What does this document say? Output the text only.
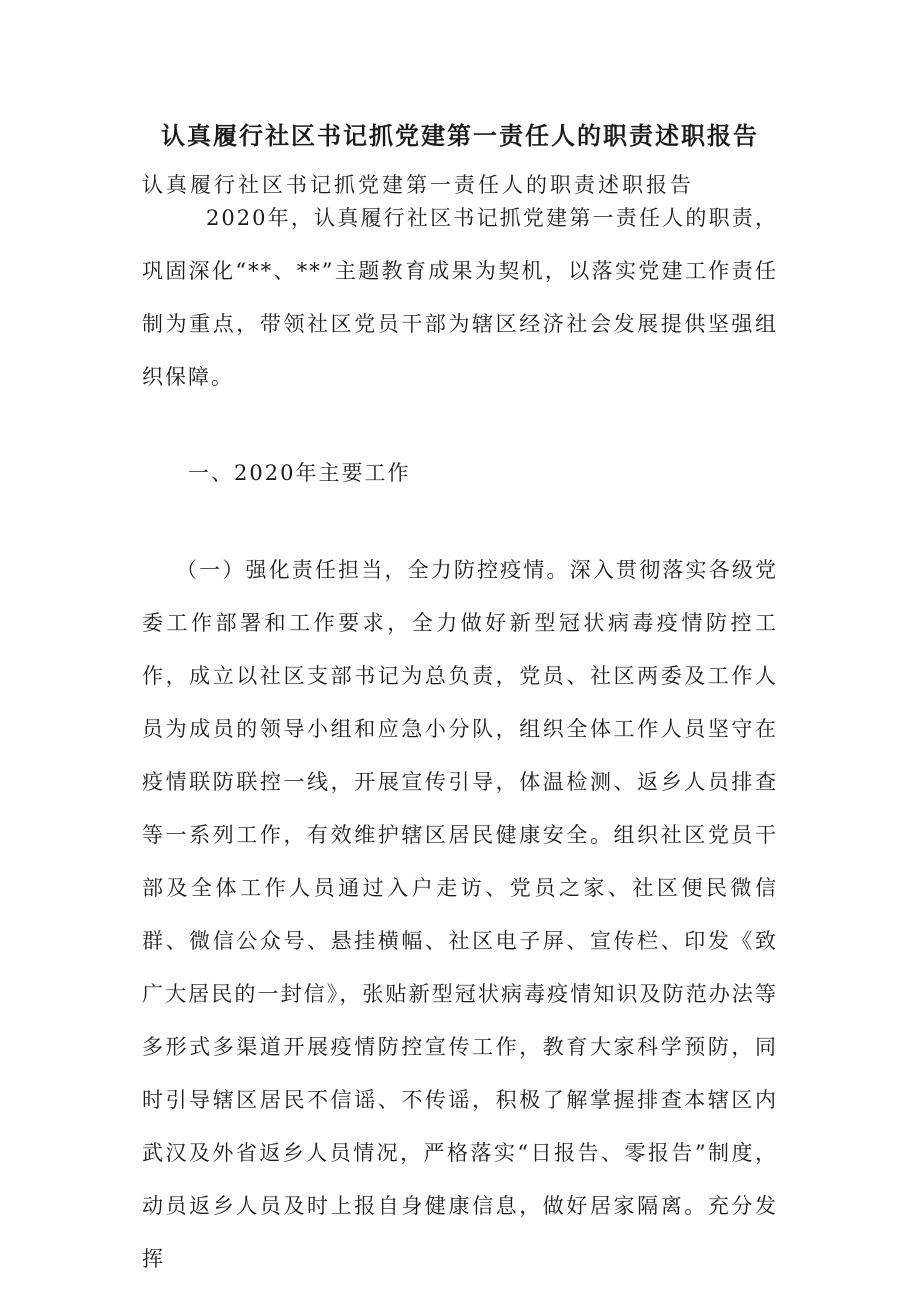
认真履行社区书记抓党建第一责任人的职责述职报告

认真履行社区书记抓党建第一责任人的职责述职报告

2020年，认真履行社区书记抓党建第一责任人的职责，巩固深化“**、**”主题教育成果为契机，以落实党建工作责任制为重点，带领社区党员干部为辖区经济社会发展提供坚强组织保障。

一、2020年主要工作

（一）强化责任担当，全力防控疫情。深入贯彻落实各级党委工作部署和工作要求，全力做好新型冠状病毒疫情防控工作，成立以社区支部书记为总负责，党员、社区两委及工作人员为成员的领导小组和应急小分队，组织全体工作人员坚守在疫情联防联控一线，开展宣传引导，体温检测、返乡人员排查等一系列工作，有效维护辖区居民健康安全。组织社区党员干部及全体工作人员通过入户走访、党员之家、社区便民微信群、微信公众号、悬挂横幅、社区电子屏、宣传栏、印发《致广大居民的一封信》，张贴新型冠状病毒疫情知识及防范办法等多形式多渠道开展疫情防控宣传工作，教育大家科学预防，同时引导辖区居民不信谣、不传谣，积极了解掌握排查本辖区内武汉及外省返乡人员情况，严格落实“日报告、零报告”制度，动员返乡人员及时上报自身健康信息，做好居家隔离。充分发挥
